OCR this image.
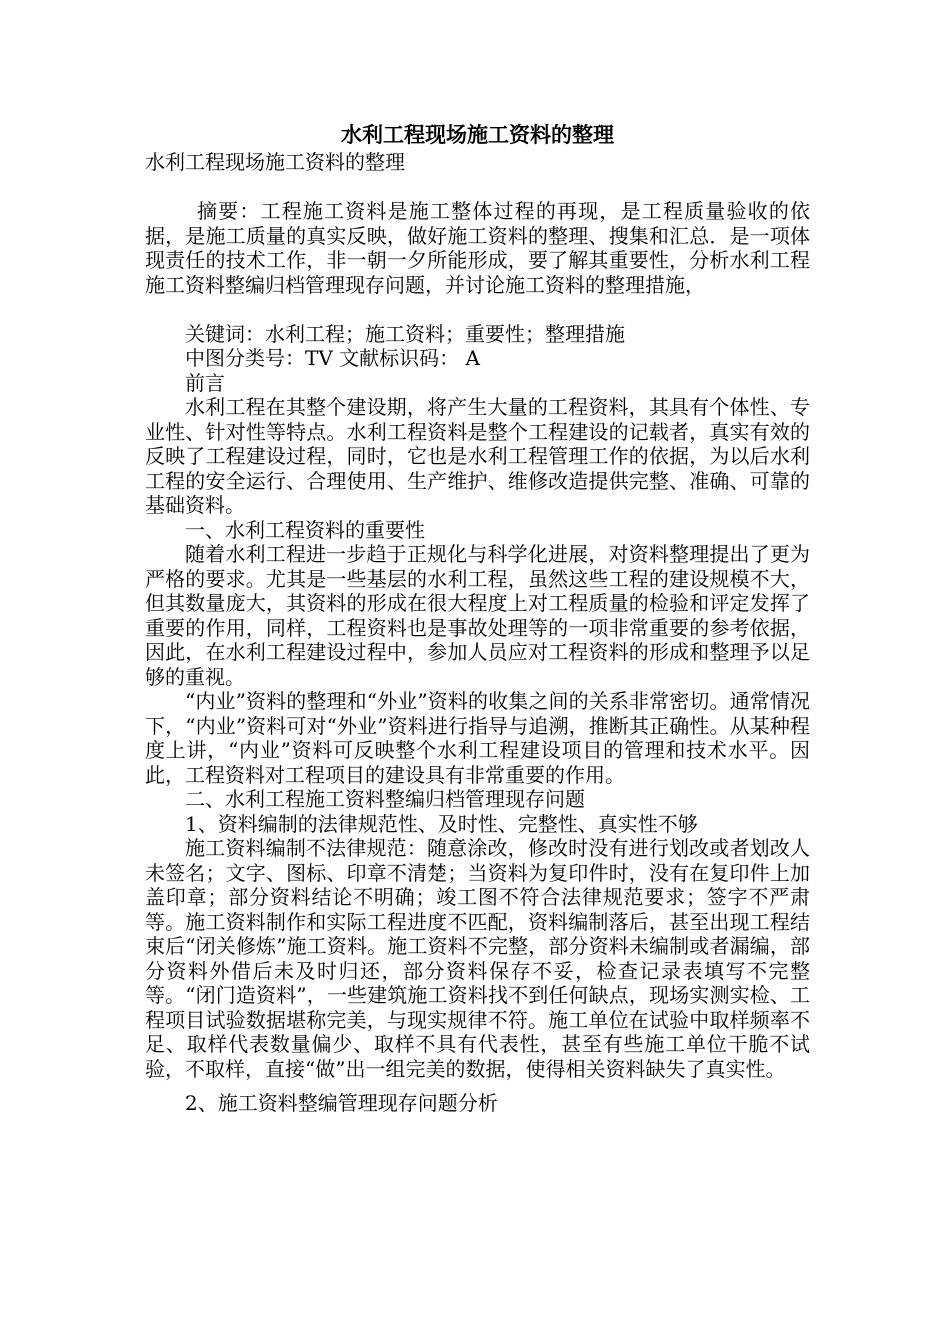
水利工程现场施工资料的整理

水利工程现场施工资料的整理

摘要：工程施工资料是施工整体过程的再现，是工程质量验收的依据，是施工质量的真实反映，做好施工资料的整理、搜集和汇总．是一项体现责任的技术工作，非一朝一夕所能形成，要了解其重要性，分析水利工程施工资料整编归档管理现存问题，并讨论施工资料的整理措施，

关键词：水利工程；施工资料；重要性；整理措施

中图分类号：TV 文献标识码： A

前言

水利工程在其整个建设期，将产生大量的工程资料，其具有个体性、专业性、针对性等特点。水利工程资料是整个工程建设的记载者，真实有效的反映了工程建设过程，同时，它也是水利工程管理工作的依据，为以后水利工程的安全运行、合理使用、生产维护、维修改造提供完整、准确、可靠的基础资料。

一、水利工程资料的重要性

随着水利工程进一步趋于正规化与科学化进展，对资料整理提出了更为严格的要求。尤其是一些基层的水利工程，虽然这些工程的建设规模不大，但其数量庞大，其资料的形成在很大程度上对工程质量的检验和评定发挥了重要的作用，同样，工程资料也是事故处理等的一项非常重要的参考依据，因此，在水利工程建设过程中，参加人员应对工程资料的形成和整理予以足够的重视。

“内业”资料的整理和“外业”资料的收集之间的关系非常密切。通常情况下，“内业”资料可对“外业”资料进行指导与追溯，推断其正确性。从某种程度上讲，“内业”资料可反映整个水利工程建设项目的管理和技术水平。因此，工程资料对工程项目的建设具有非常重要的作用。

二、水利工程施工资料整编归档管理现存问题

1、资料编制的法律规范性、及时性、完整性、真实性不够

施工资料编制不法律规范：随意涂改，修改时没有进行划改或者划改人未签名；文字、图标、印章不清楚；当资料为复印件时，没有在复印件上加盖印章；部分资料结论不明确；竣工图不符合法律规范要求；签字不严肃等。施工资料制作和实际工程进度不匹配，资料编制落后，甚至出现工程结束后“闭关修炼”施工资料。施工资料不完整，部分资料未编制或者漏编，部分资料外借后未及时归还，部分资料保存不妥，检查记录表填写不完整等。“闭门造资料”，一些建筑施工资料找不到任何缺点，现场实测实检、工程项目试验数据堪称完美，与现实规律不符。施工单位在试验中取样频率不足、取样代表数量偏少、取样不具有代表性，甚至有些施工单位干脆不试验，不取样，直接“做”出一组完美的数据，使得相关资料缺失了真实性。

2、施工资料整编管理现存问题分析
